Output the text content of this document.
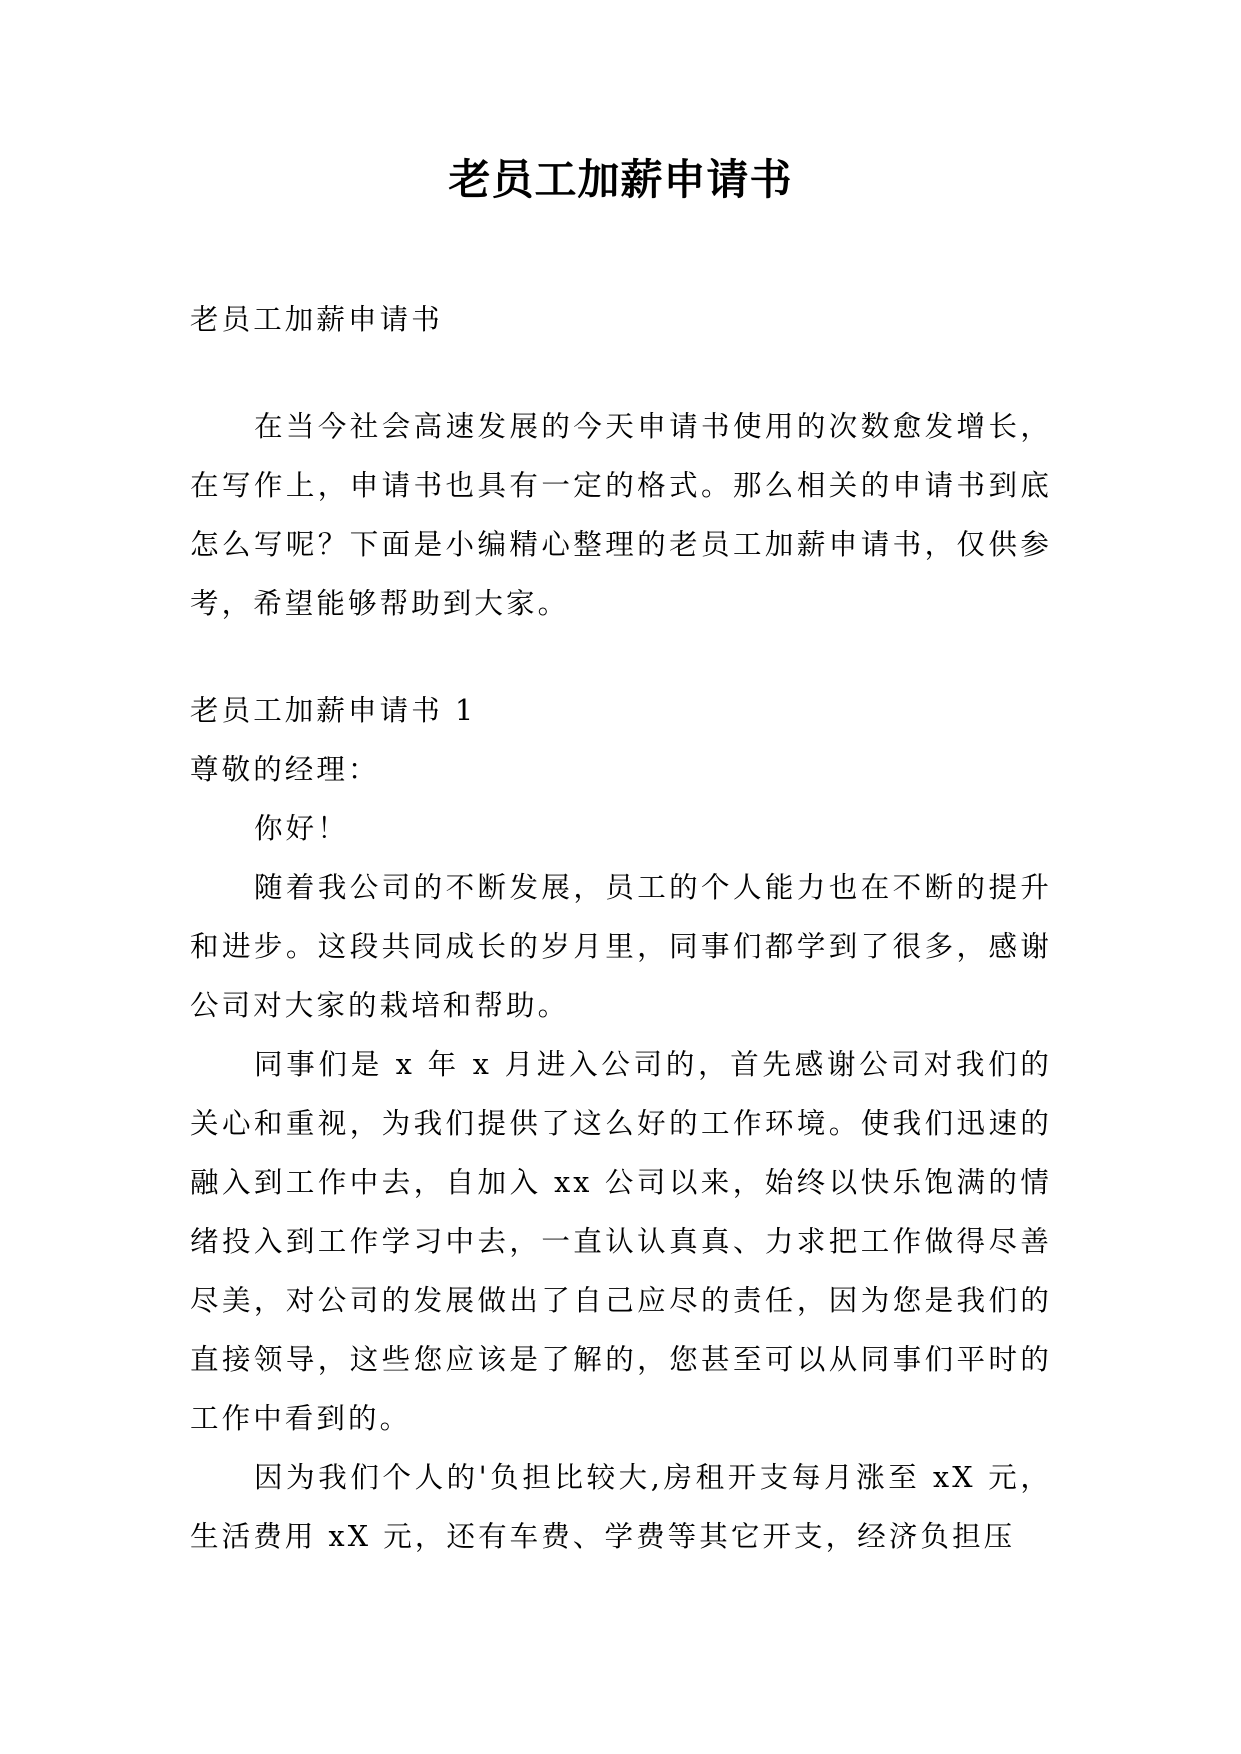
老员工加薪申请书

老员工加薪申请书

在当今社会高速发展的今天申请书使用的次数愈发增长，在写作上，申请书也具有一定的格式。那么相关的申请书到底怎么写呢？下面是小编精心整理的老员工加薪申请书，仅供参考，希望能够帮助到大家。

老员工加薪申请书 1

尊敬的经理：

你好！

随着我公司的不断发展，员工的个人能力也在不断的提升和进步。这段共同成长的岁月里，同事们都学到了很多，感谢公司对大家的栽培和帮助。

同事们是 x 年 x 月进入公司的，首先感谢公司对我们的关心和重视，为我们提供了这么好的工作环境。使我们迅速的融入到工作中去，自加入 xx 公司以来，始终以快乐饱满的情绪投入到工作学习中去，一直认认真真、力求把工作做得尽善尽美，对公司的发展做出了自己应尽的责任，因为您是我们的直接领导，这些您应该是了解的，您甚至可以从同事们平时的工作中看到的。

因为我们个人的'负担比较大,房租开支每月涨至 xX 元，生活费用 xX 元，还有车费、学费等其它开支，经济负担压
